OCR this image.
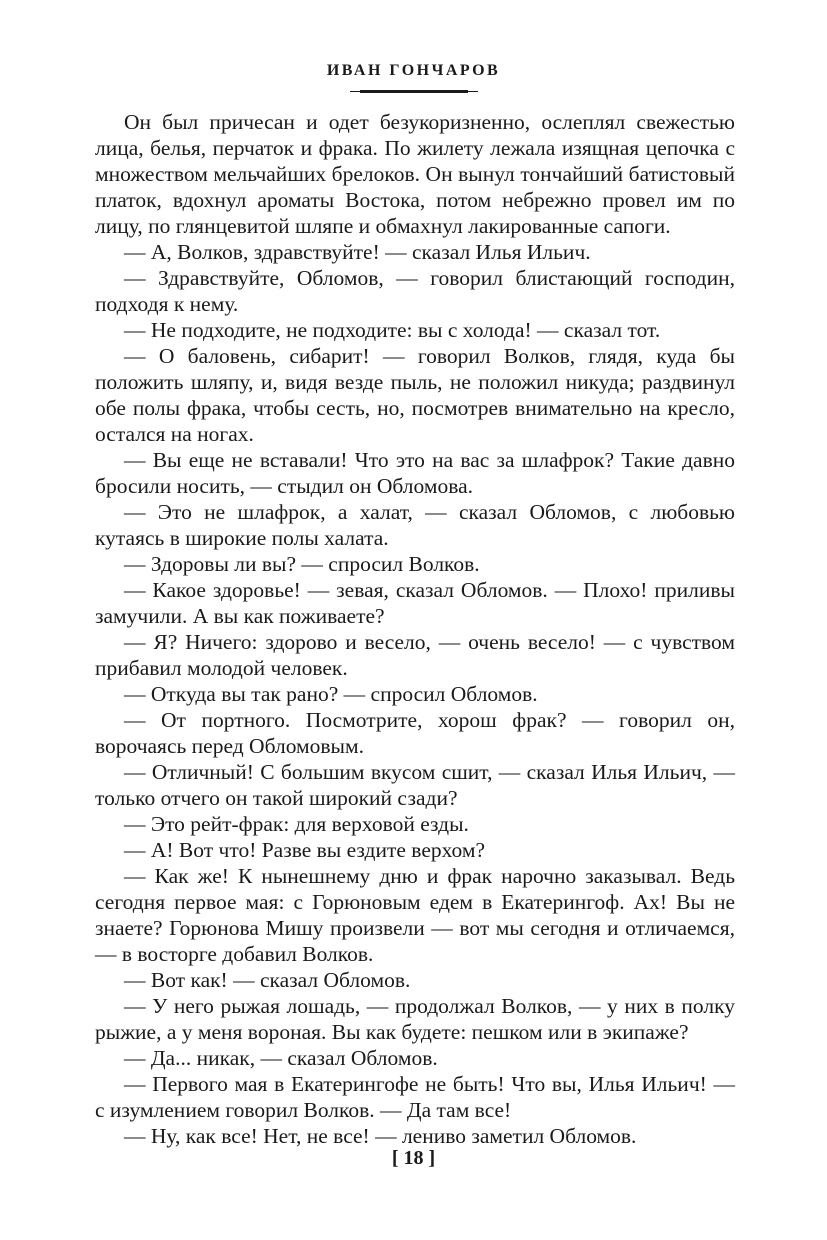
ИВАН ГОНЧАРОВ

Он был причесан и одет безукоризненно, ослеплял свежестью лица, белья, перчаток и фрака. По жилету лежала изящная цепочка с множеством мельчайших брелоков. Он вынул тончайший батистовый платок, вдохнул ароматы Востока, потом небрежно провел им по лицу, по глянцевитой шляпе и обмахнул лакированные сапоги.

— А, Волков, здравствуйте! — сказал Илья Ильич.

— Здравствуйте, Обломов, — говорил блистающий господин, подходя к нему.

— Не подходите, не подходите: вы с холода! — сказал тот.

— О баловень, сибарит! — говорил Волков, глядя, куда бы положить шляпу, и, видя везде пыль, не положил никуда; раздвинул обе полы фрака, чтобы сесть, но, посмотрев внимательно на кресло, остался на ногах.

— Вы еще не вставали! Что это на вас за шлафрок? Такие давно бросили носить, — стыдил он Обломова.

— Это не шлафрок, а халат, — сказал Обломов, с любовью кутаясь в широкие полы халата.

— Здоровы ли вы? — спросил Волков.

— Какое здоровье! — зевая, сказал Обломов. — Плохо! приливы замучили. А вы как поживаете?

— Я? Ничего: здорово и весело, — очень весело! — с чувством прибавил молодой человек.

— Откуда вы так рано? — спросил Обломов.

— От портного. Посмотрите, хорош фрак? — говорил он, ворочаясь перед Обломовым.

— Отличный! С большим вкусом сшит, — сказал Илья Ильич, — только отчего он такой широкий сзади?

— Это рейт-фрак: для верховой езды.

— А! Вот что! Разве вы ездите верхом?

— Как же! К нынешнему дню и фрак нарочно заказывал. Ведь сегодня первое мая: с Горюновым едем в Екатерингоф. Ах! Вы не знаете? Горюнова Мишу произвели — вот мы сегодня и отличаемся, — в восторге добавил Волков.

— Вот как! — сказал Обломов.

— У него рыжая лошадь, — продолжал Волков, — у них в полку рыжие, а у меня вороная. Вы как будете: пешком или в экипаже?

— Да... никак, — сказал Обломов.

— Первого мая в Екатерингофе не быть! Что вы, Илья Ильич! — с изумлением говорил Волков. — Да там все!

— Ну, как все! Нет, не все! — лениво заметил Обломов.

[ 18 ]
